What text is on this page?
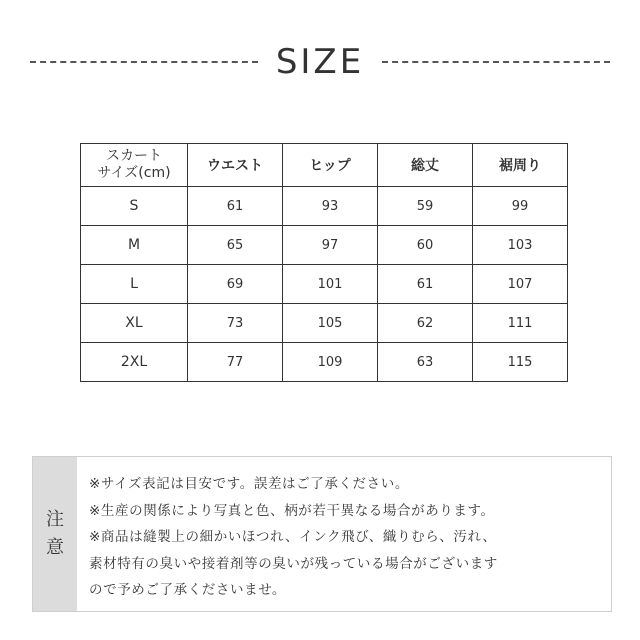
SIZE
スカート
サイズ(cm)	ウエスト	ヒップ	総丈	裾周り
S	61	93	59	99
M	65	97	60	103
L	69	101	61	107
XL	73	105	62	111
2XL	77	109	63	115
注
意
※サイズ表記は目安です。誤差はご了承ください。
※生産の関係により写真と色、柄が若干異なる場合があります。
※商品は縫製上の細かいほつれ、インク飛び、織りむら、汚れ、
素材特有の臭いや接着剤等の臭いが残っている場合がございます
ので予めご了承くださいませ。
